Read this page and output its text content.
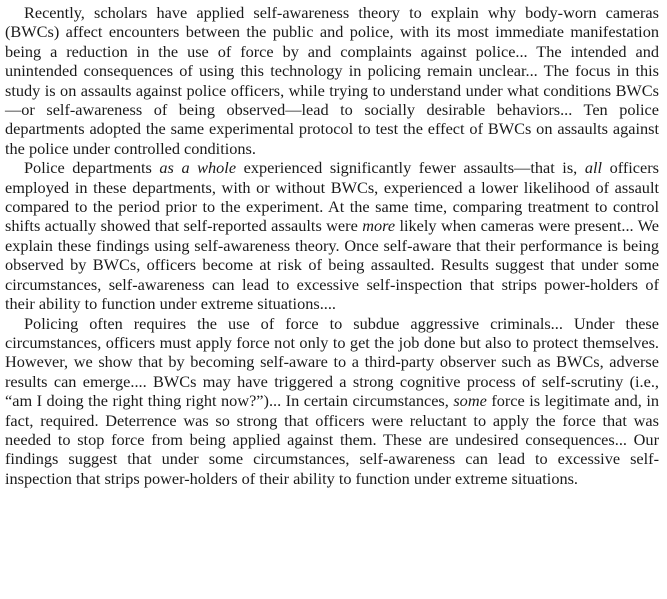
Recently, scholars have applied self-awareness theory to explain why body-worn cameras (BWCs) affect encounters between the public and police, with its most immediate manifestation being a reduction in the use of force by and complaints against police... The intended and unintended consequences of using this technology in policing remain unclear... The focus in this study is on assaults against police officers, while trying to understand under what conditions BWCs—or self-awareness of being observed—lead to socially desirable behaviors... Ten police departments adopted the same experimental protocol to test the effect of BWCs on assaults against the police under controlled conditions.

Police departments as a whole experienced significantly fewer assaults—that is, all officers employed in these departments, with or without BWCs, experienced a lower likelihood of assault compared to the period prior to the experiment. At the same time, comparing treatment to control shifts actually showed that self-reported assaults were more likely when cameras were present... We explain these findings using self-awareness theory. Once self-aware that their performance is being observed by BWCs, officers become at risk of being assaulted. Results suggest that under some circumstances, self-awareness can lead to excessive self-inspection that strips power-holders of their ability to function under extreme situations....

Policing often requires the use of force to subdue aggressive criminals... Under these circumstances, officers must apply force not only to get the job done but also to protect themselves. However, we show that by becoming self-aware to a third-party observer such as BWCs, adverse results can emerge.... BWCs may have triggered a strong cognitive process of self-scrutiny (i.e., “am I doing the right thing right now?”)... In certain circumstances, some force is legitimate and, in fact, required. Deterrence was so strong that officers were reluctant to apply the force that was needed to stop force from being applied against them. These are undesired consequences... Our findings suggest that under some circumstances, self-awareness can lead to excessive self-inspection that strips power-holders of their ability to function under extreme situations.
